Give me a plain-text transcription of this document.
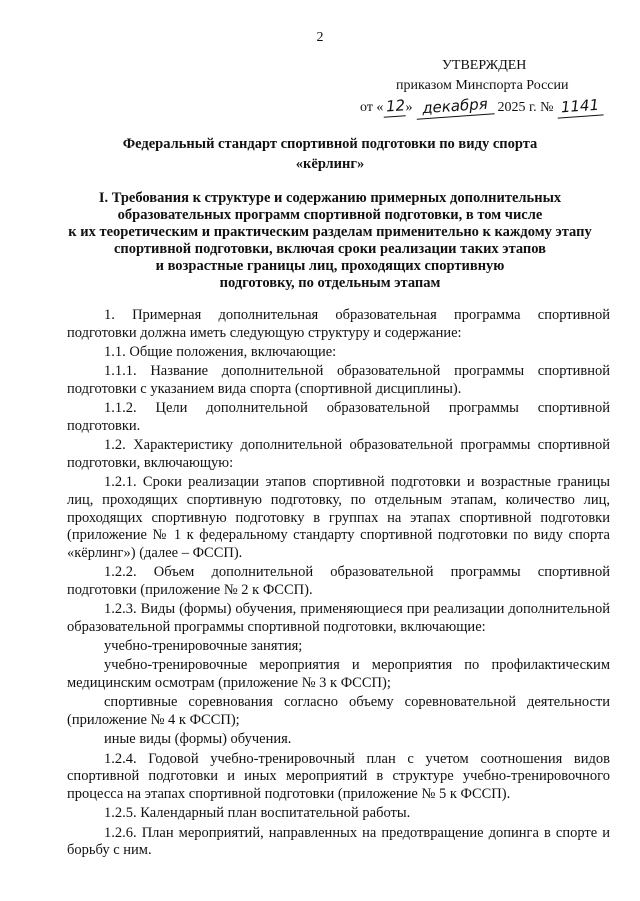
2
УТВЕРЖДЕН
приказом Минспорта России
от « 12» декабря 2025 г. № 1141
Федеральный стандарт спортивной подготовки по виду спорта
«кёрлинг»
I. Требования к структуре и содержанию примерных дополнительных
образовательных программ спортивной подготовки, в том числе
к их теоретическим и практическим разделам применительно к каждому этапу
спортивной подготовки, включая сроки реализации таких этапов
и возрастные границы лиц, проходящих спортивную
подготовку, по отдельным этапам

1. Примерная дополнительная образовательная программа спортивной подготовки должна иметь следующую структуру и содержание:

1.1. Общие положения, включающие:

1.1.1. Название дополнительной образовательной программы спортивной подготовки с указанием вида спорта (спортивной дисциплины).

1.1.2. Цели дополнительной образовательной программы спортивной подготовки.

1.2. Характеристику дополнительной образовательной программы спортивной подготовки, включающую:

1.2.1. Сроки реализации этапов спортивной подготовки и возрастные границы лиц, проходящих спортивную подготовку, по отдельным этапам, количество лиц, проходящих спортивную подготовку в группах на этапах спортивной подготовки (приложение № 1 к федеральному стандарту спортивной подготовки по виду спорта «кёрлинг») (далее – ФССП).

1.2.2. Объем дополнительной образовательной программы спортивной подготовки (приложение № 2 к ФССП).

1.2.3. Виды (формы) обучения, применяющиеся при реализации дополнительной образовательной программы спортивной подготовки, включающие:

учебно-тренировочные занятия;

учебно-тренировочные мероприятия и мероприятия по профилактическим медицинским осмотрам (приложение № 3 к ФССП);

спортивные соревнования согласно объему соревновательной деятельности (приложение № 4 к ФССП);

иные виды (формы) обучения.

1.2.4. Годовой учебно-тренировочный план с учетом соотношения видов спортивной подготовки и иных мероприятий в структуре учебно-тренировочного процесса на этапах спортивной подготовки (приложение № 5 к ФССП).

1.2.5. Календарный план воспитательной работы.

1.2.6. План мероприятий, направленных на предотвращение допинга в спорте и борьбу с ним.
